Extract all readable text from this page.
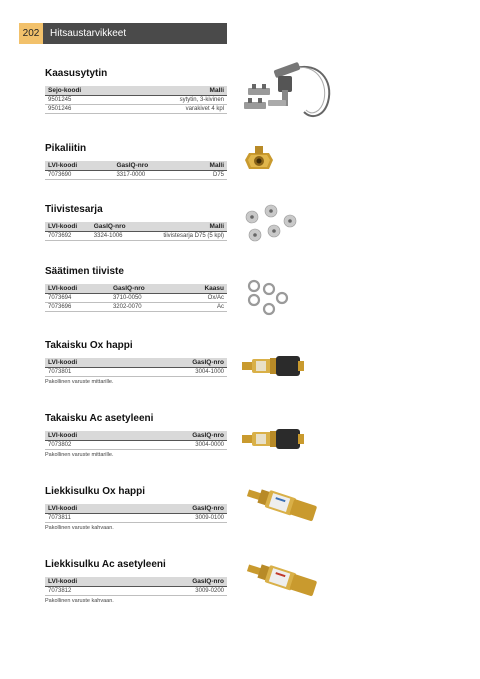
202	Hitsaustarvikkeet
Kaasusytytin
Sejo-koodi		Malli
9501245		sytytin, 3-kivinen
9501246		varakivet 4 kpl
Pikaliitin
LVI-koodi	GasIQ-nro	Malli
7073690	3317-0000	D75
Tiivistesarja
LVI-koodi	GasIQ-nro	Malli
7073692	3324-1006	tiivistesarja D75 (5 kpl)
Säätimen tiiviste
LVI-koodi	GasIQ-nro	Kaasu
7073694	3710-0050	Ox/Ac
7073696	3202-0070	Ac
Takaisku Ox happi
LVI-koodi		GasIQ-nro
7073801		3004-1000
Pakollinen varuste mittarille.
Takaisku Ac asetyleeni
LVI-koodi		GasIQ-nro
7073802		3004-0000
Pakollinen varuste mittarille.
Liekkisulku Ox happi
LVI-koodi		GasIQ-nro
7073811		3009-0100
Pakollinen varuste kahvaan.
Liekkisulku Ac asetyleeni
LVI-koodi		GasIQ-nro
7073812		3009-0200
Pakollinen varuste kahvaan.
